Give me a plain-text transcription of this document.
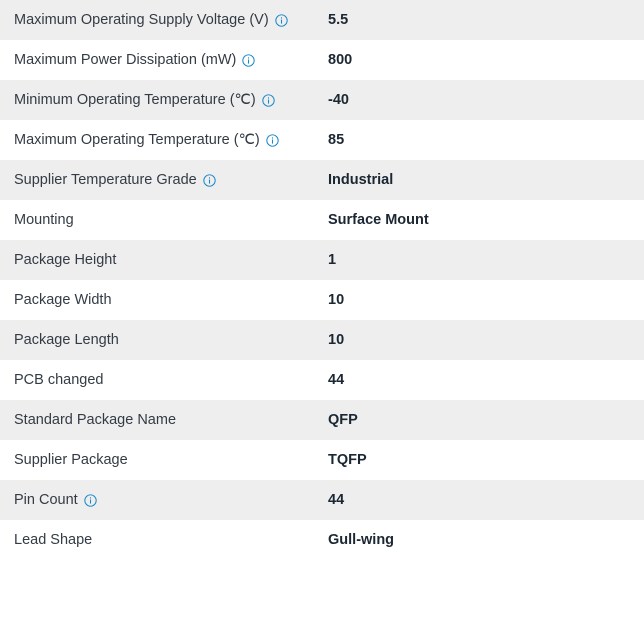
Maximum Operating Supply Voltage (V)	5.5

Maximum Power Dissipation (mW)	800

Minimum Operating Temperature (℃)	-40

Maximum Operating Temperature (℃)	85

Supplier Temperature Grade	Industrial

Mounting	Surface Mount

Package Height	1

Package Width	10

Package Length	10

PCB changed	44

Standard Package Name	QFP

Supplier Package	TQFP

Pin Count	44

Lead Shape	Gull-wing
